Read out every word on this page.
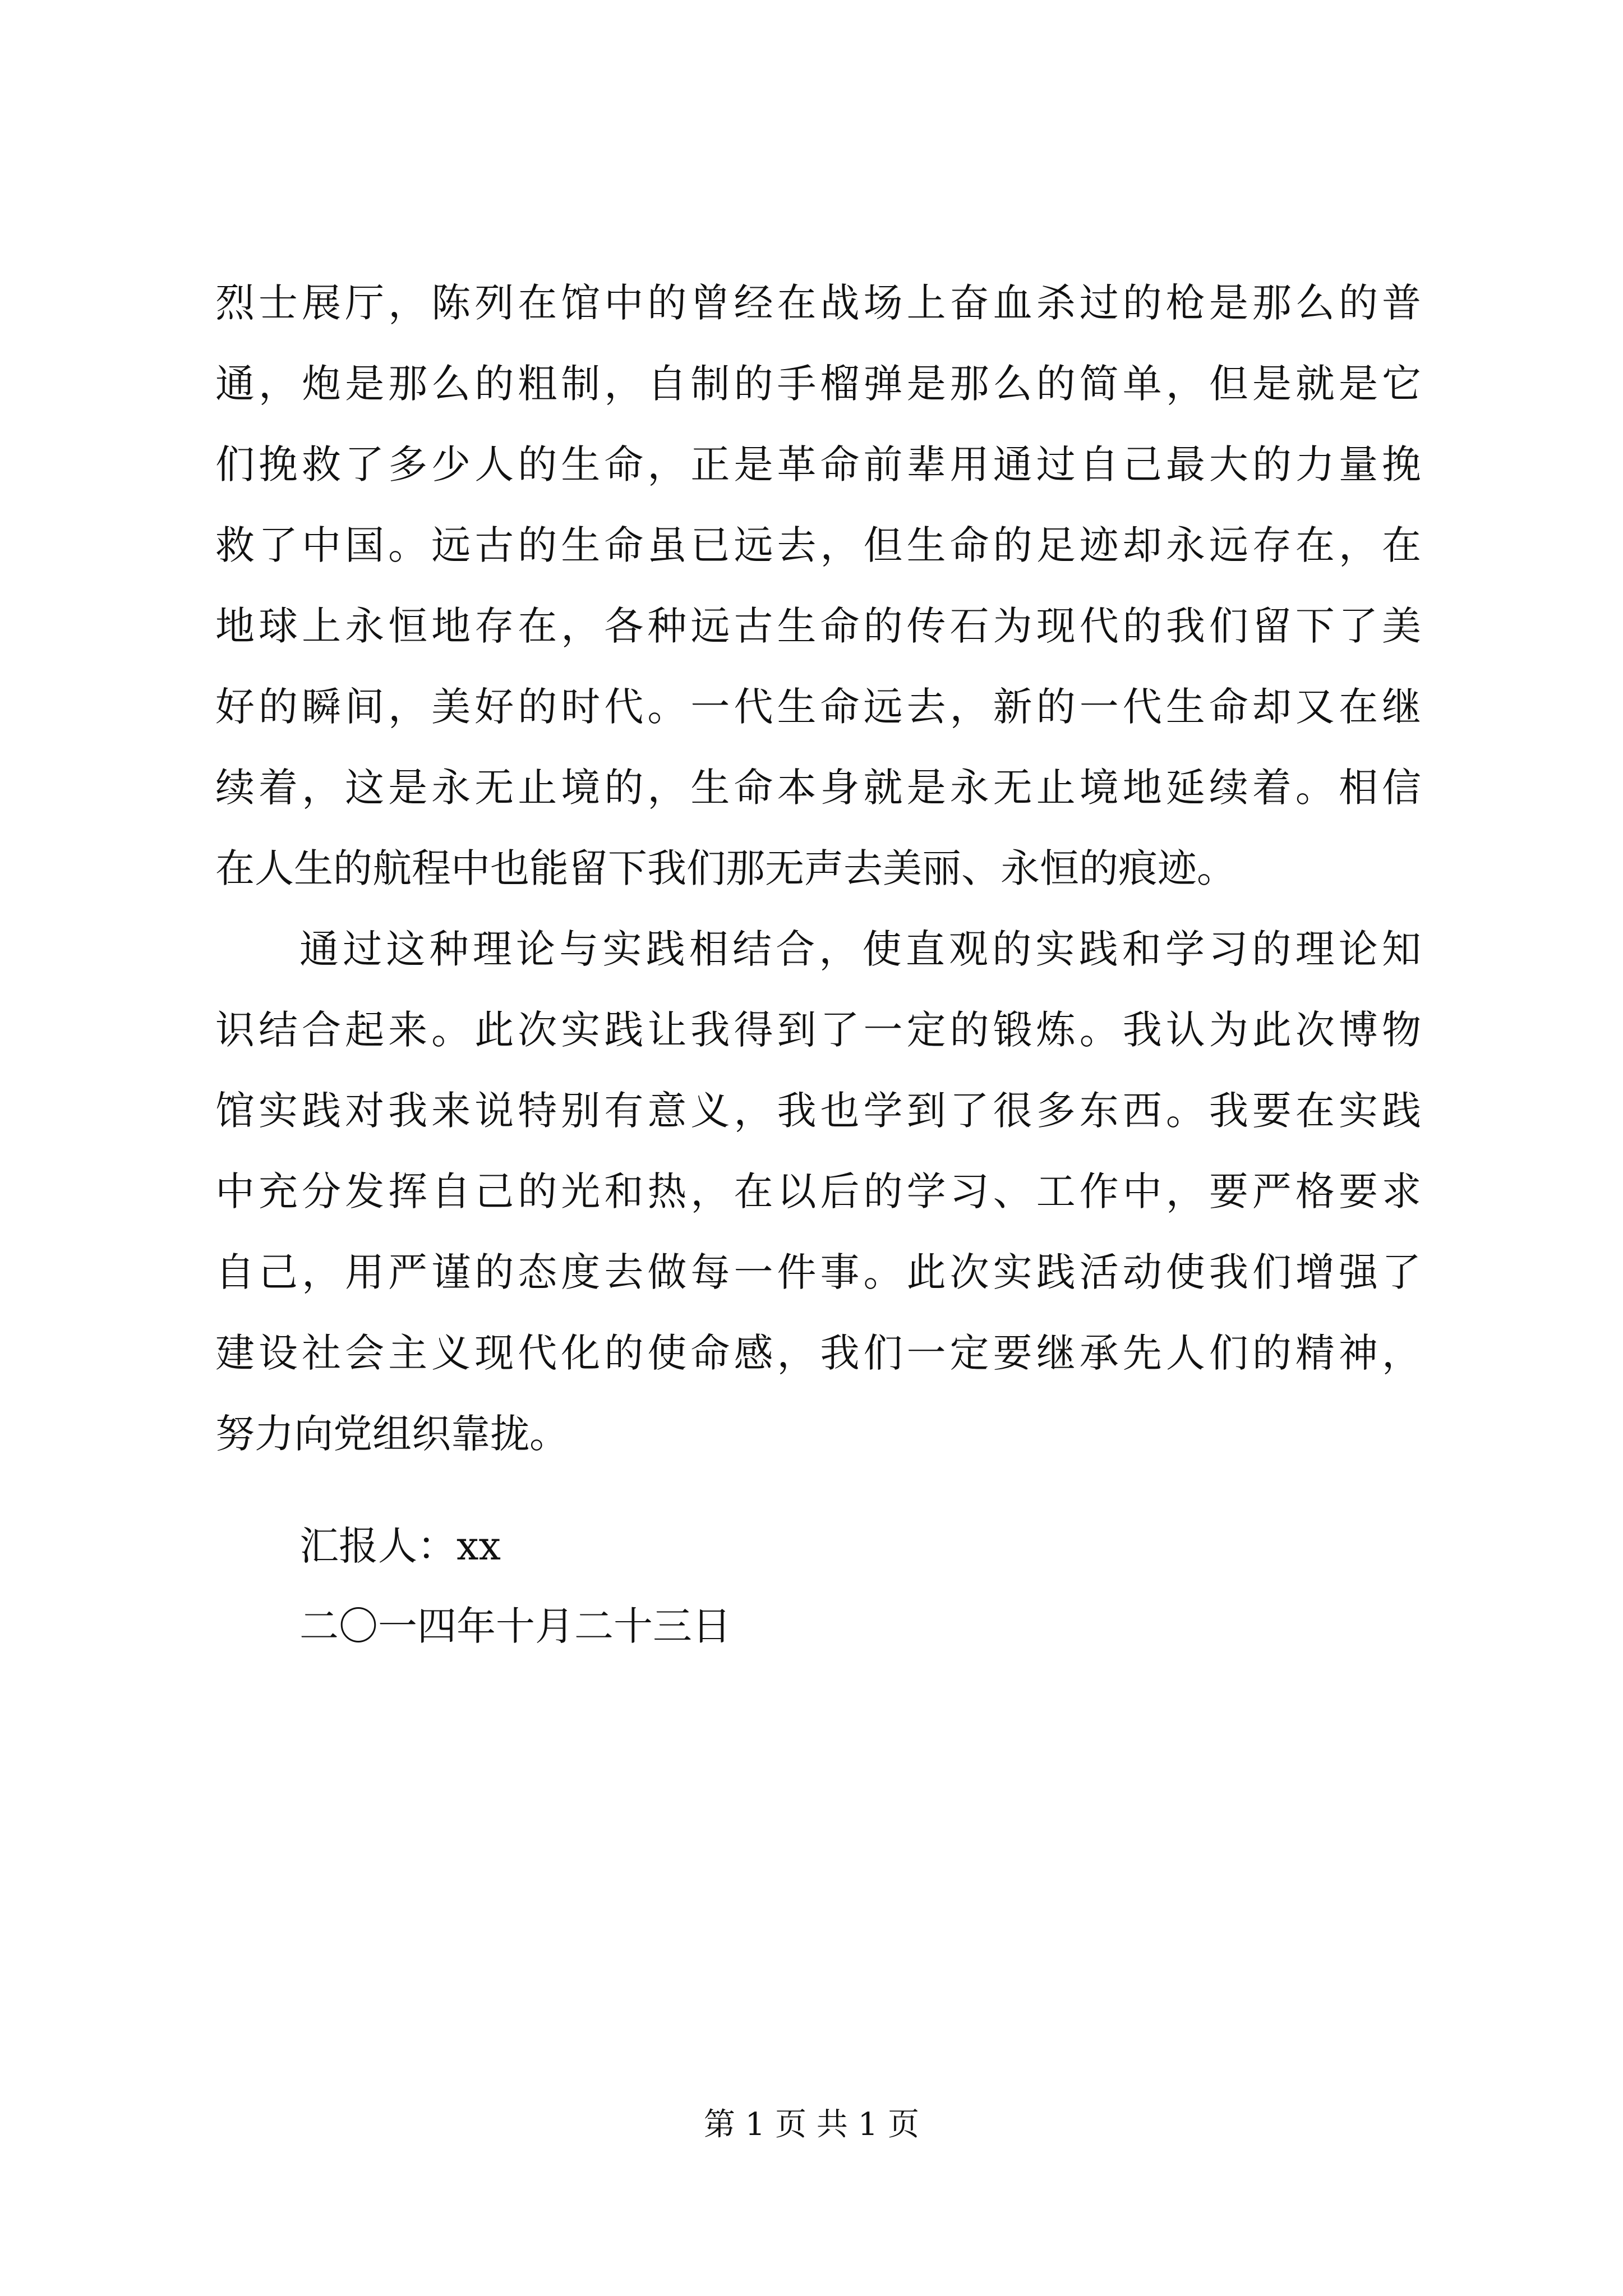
烈士展厅，陈列在馆中的曾经在战场上奋血杀过的枪是那么的普
通，炮是那么的粗制，自制的手榴弹是那么的简单，但是就是它
们挽救了多少人的生命，正是革命前辈用通过自己最大的力量挽
救了中国。远古的生命虽已远去，但生命的足迹却永远存在，在
地球上永恒地存在，各种远古生命的传石为现代的我们留下了美
好的瞬间，美好的时代。一代生命远去，新的一代生命却又在继
续着，这是永无止境的，生命本身就是永无止境地延续着。相信
在人生的航程中也能留下我们那无声去美丽、永恒的痕迹。
通过这种理论与实践相结合，使直观的实践和学习的理论知
识结合起来。此次实践让我得到了一定的锻炼。我认为此次博物
馆实践对我来说特别有意义，我也学到了很多东西。我要在实践
中充分发挥自己的光和热，在以后的学习、工作中，要严格要求
自己，用严谨的态度去做每一件事。此次实践活动使我们增强了
建设社会主义现代化的使命感，我们一定要继承先人们的精神，
努力向党组织靠拢。
汇报人：xx
二〇一四年十月二十三日
第 1 页 共 1 页
